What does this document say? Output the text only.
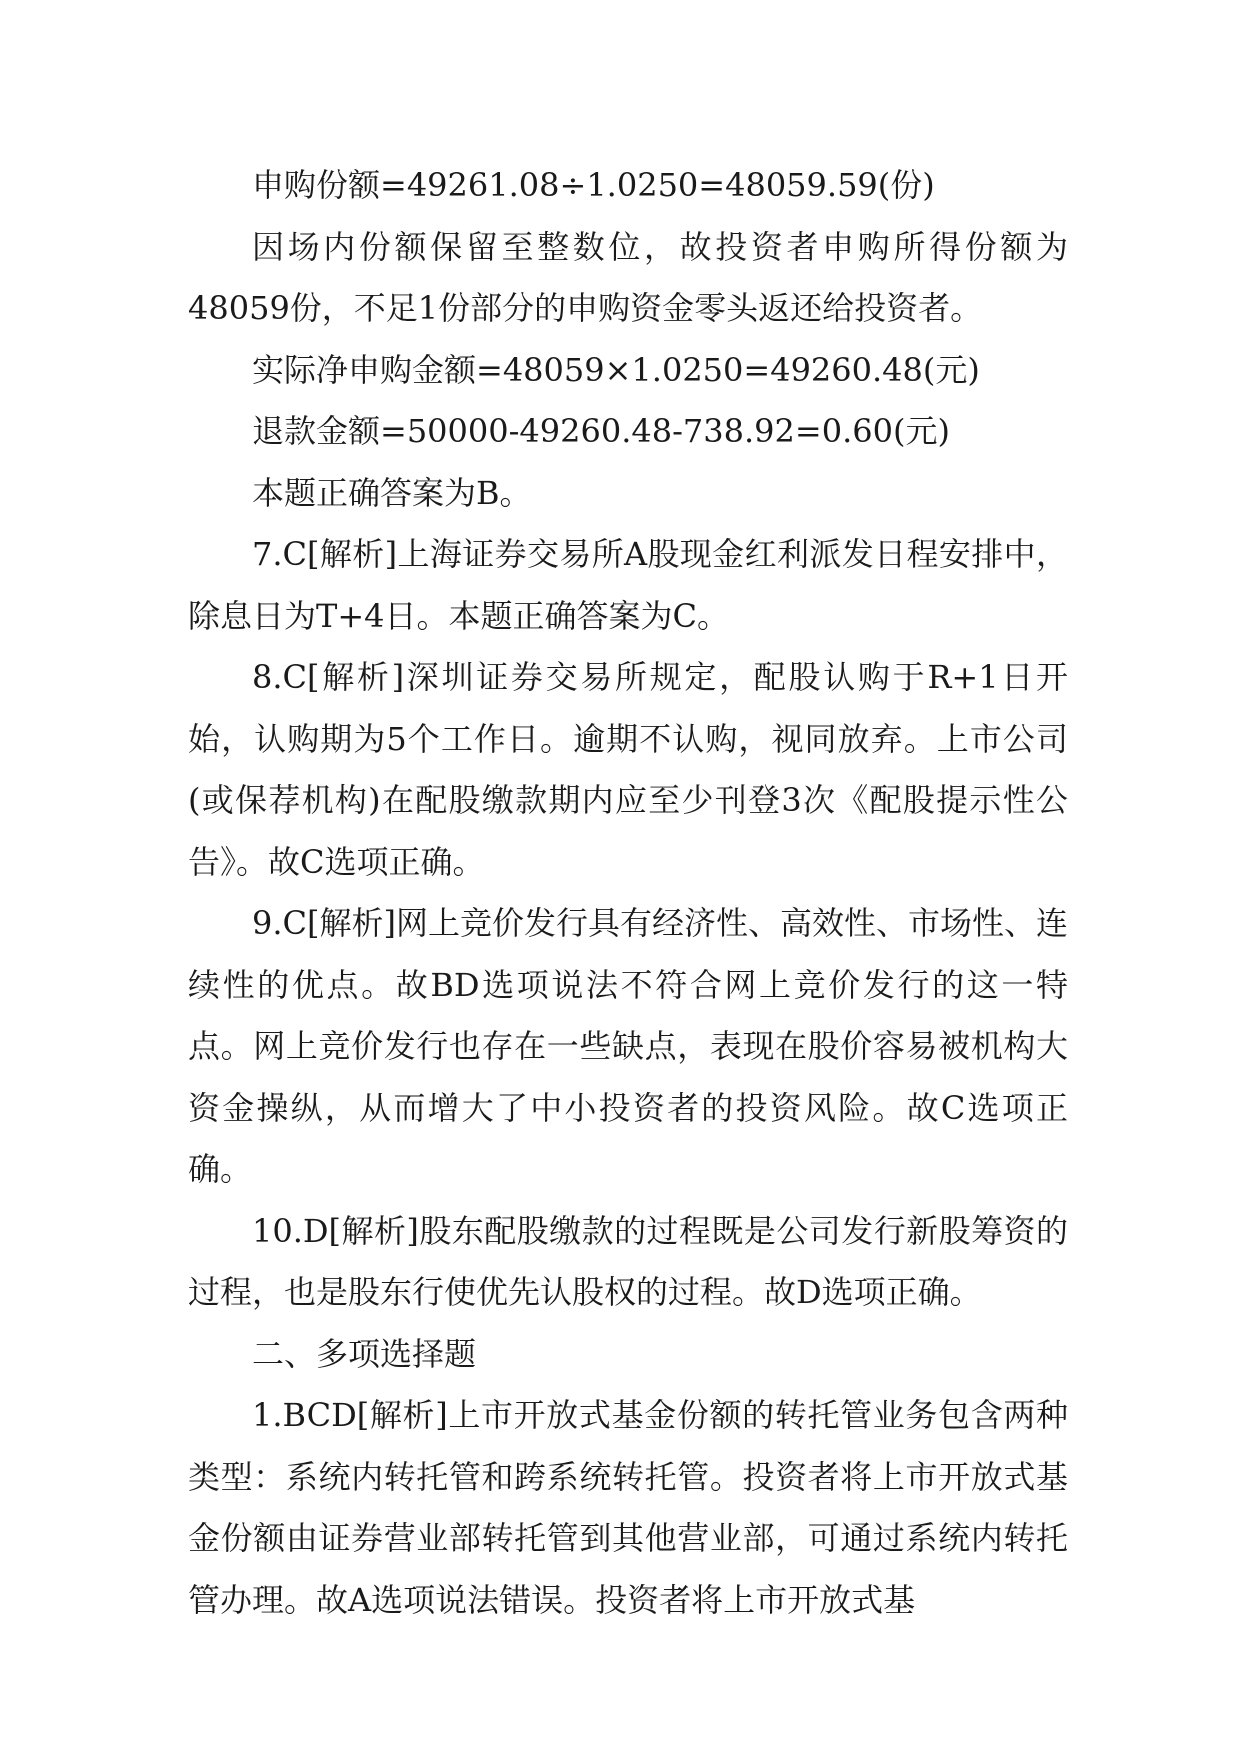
申购份额=49261.08÷1.0250=48059.59(份)

因场内份额保留至整数位，故投资者申购所得份额为48059份，不足1份部分的申购资金零头返还给投资者。

实际净申购金额=48059×1.0250=49260.48(元)

退款金额=50000-49260.48-738.92=0.60(元)

本题正确答案为B。

7.C[解析]上海证券交易所A股现金红利派发日程安排中，除息日为T+4日。本题正确答案为C。

8.C[解析]深圳证券交易所规定，配股认购于R+1日开始，认购期为5个工作日。逾期不认购，视同放弃。上市公司(或保荐机构)在配股缴款期内应至少刊登3次《配股提示性公告》。故C选项正确。

9.C[解析]网上竞价发行具有经济性、高效性、市场性、连续性的优点。故BD选项说法不符合网上竞价发行的这一特点。网上竞价发行也存在一些缺点，表现在股价容易被机构大资金操纵，从而增大了中小投资者的投资风险。故C选项正确。

10.D[解析]股东配股缴款的过程既是公司发行新股筹资的过程，也是股东行使优先认股权的过程。故D选项正确。

二、多项选择题

1.BCD[解析]上市开放式基金份额的转托管业务包含两种类型：系统内转托管和跨系统转托管。投资者将上市开放式基金份额由证券营业部转托管到其他营业部，可通过系统内转托管办理。故A选项说法错误。投资者将上市开放式基
